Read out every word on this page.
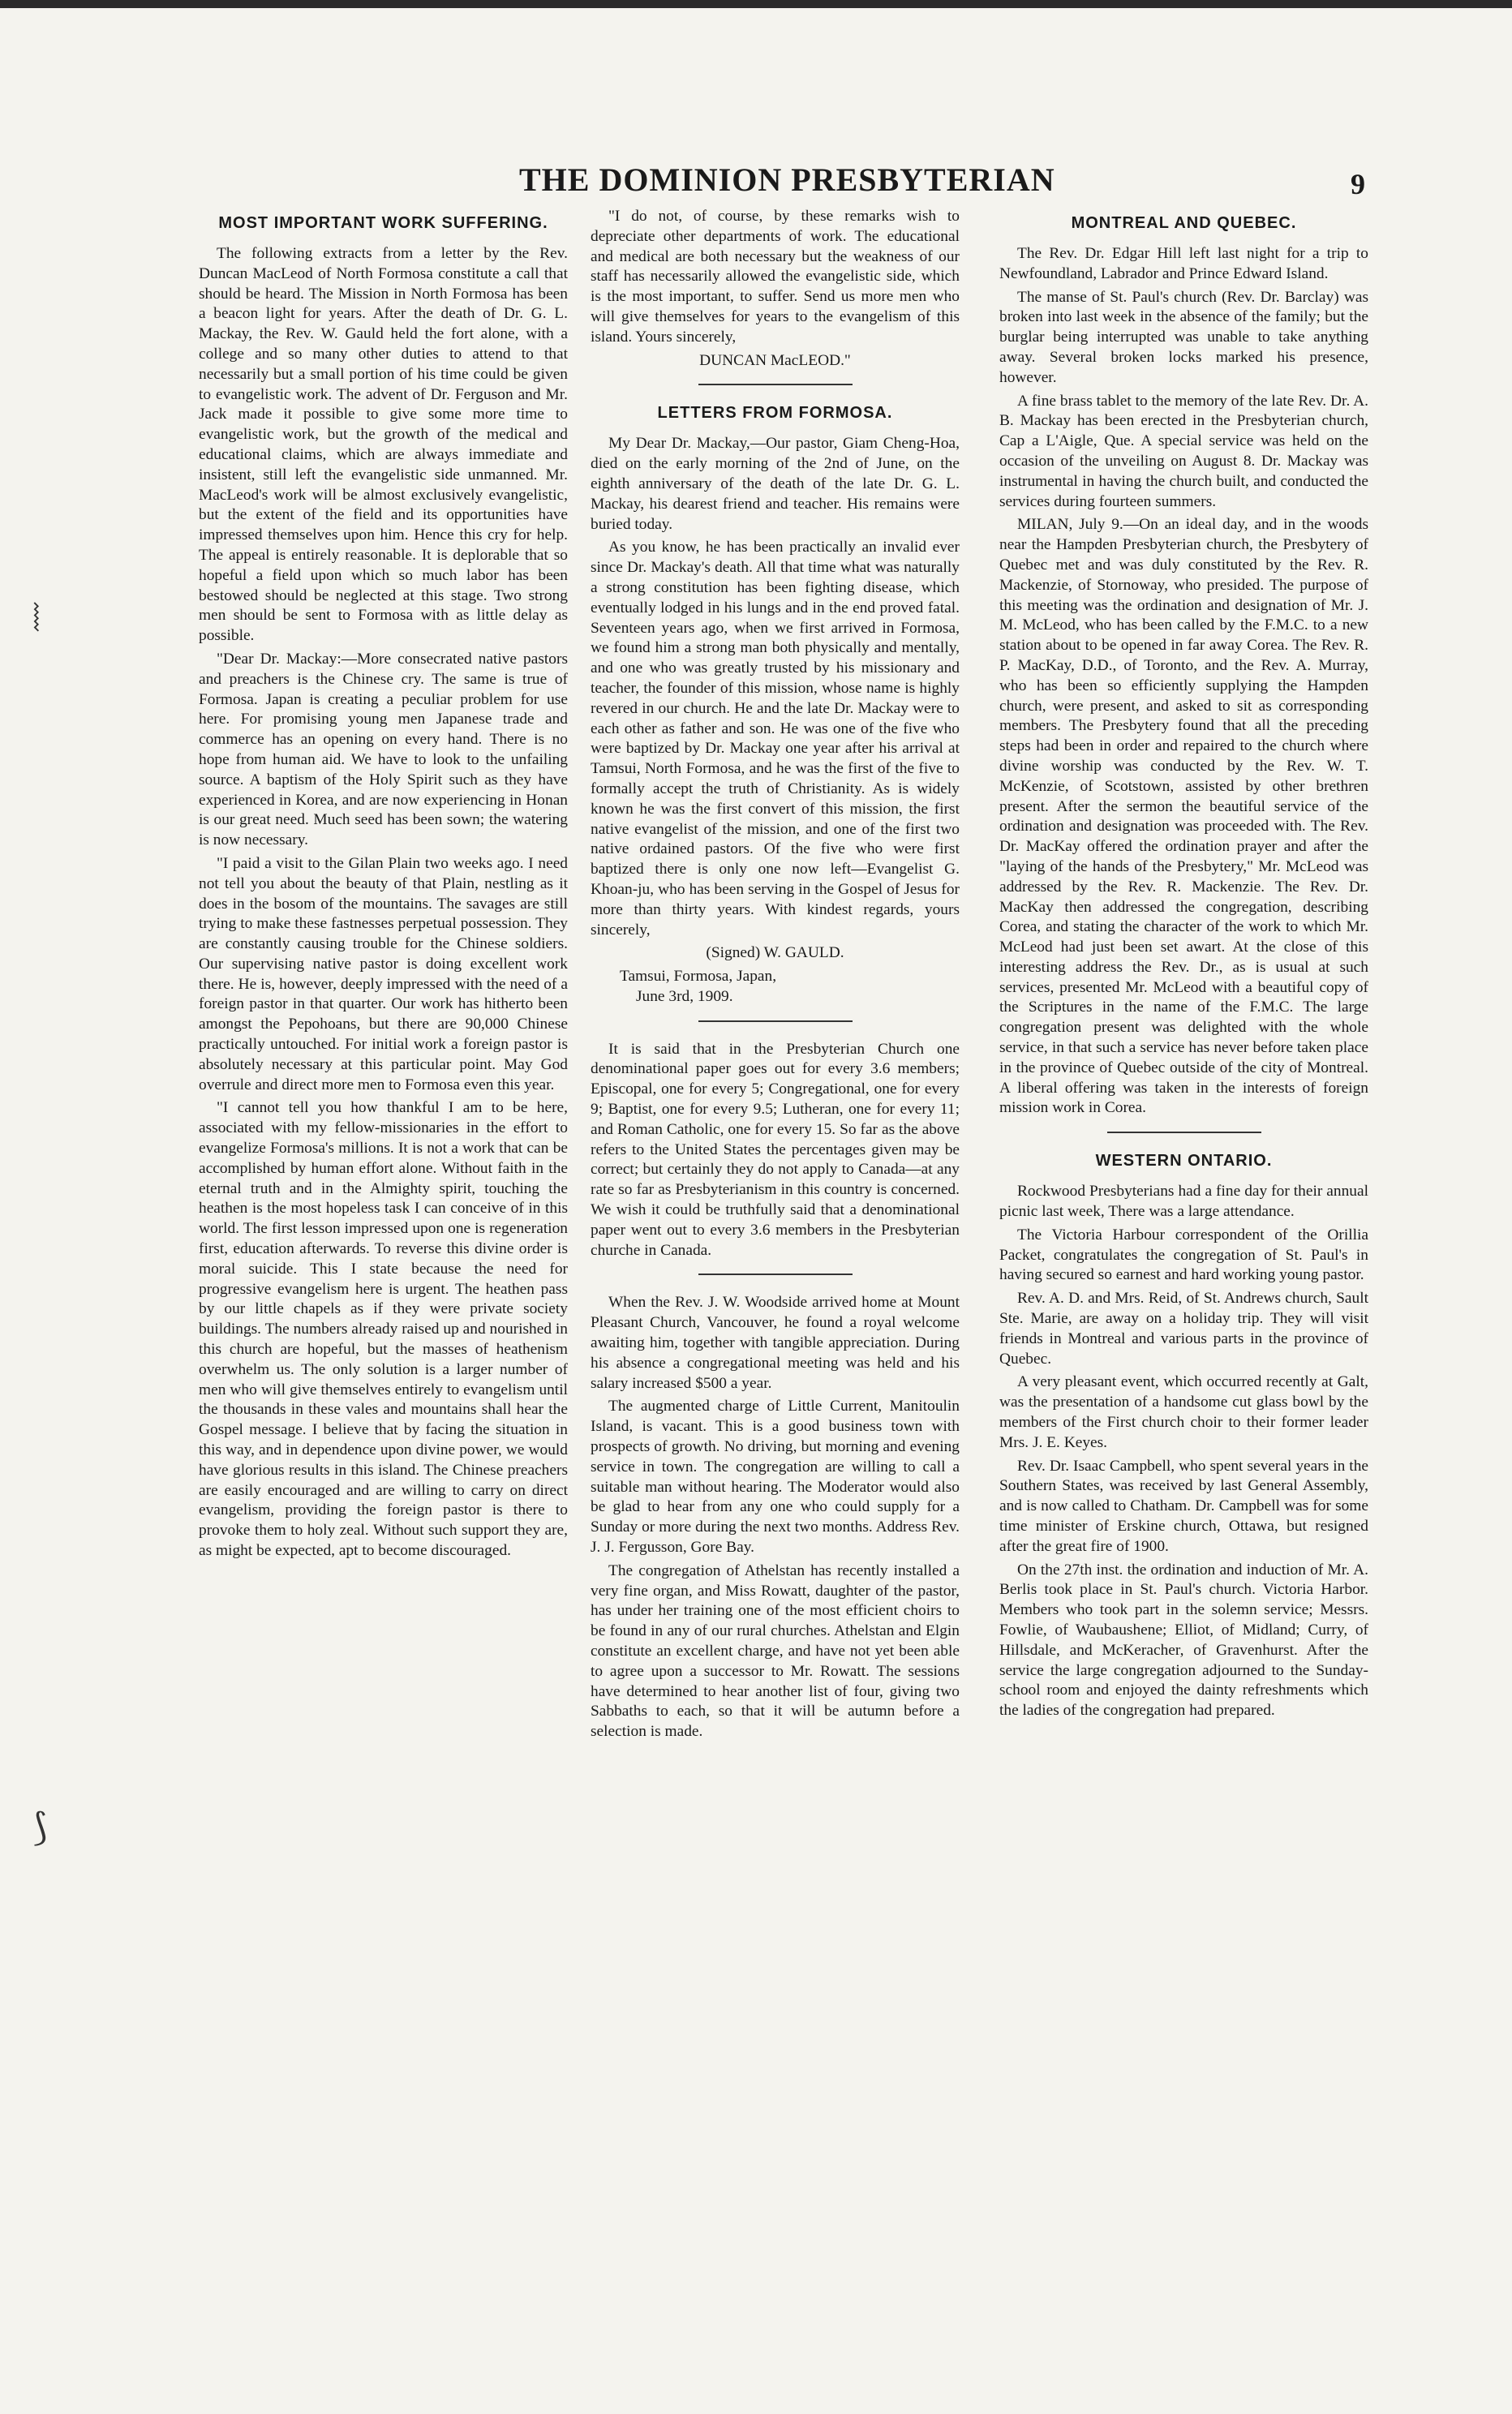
⦚
⟆
THE DOMINION PRESBYTERIAN	9
MOST IMPORTANT WORK SUFFERING.

The following extracts from a letter by the Rev. Duncan MacLeod of North Formosa constitute a call that should be heard. The Mission in North Formosa has been a beacon light for years. After the death of Dr. G. L. Mackay, the Rev. W. Gauld held the fort alone, with a college and so many other duties to attend to that necessarily but a small portion of his time could be given to evangelistic work. The advent of Dr. Ferguson and Mr. Jack made it possible to give some more time to evangelistic work, but the growth of the medical and educational claims, which are always immediate and insistent, still left the evangelistic side unmanned. Mr. MacLeod's work will be almost exclusively evangelistic, but the extent of the field and its opportunities have impressed themselves upon him. Hence this cry for help. The appeal is entirely reasonable. It is deplorable that so hopeful a field upon which so much labor has been bestowed should be neglected at this stage. Two strong men should be sent to Formosa with as little delay as possible.

"Dear Dr. Mackay:—More consecrated native pastors and preachers is the Chinese cry. The same is true of Formosa. Japan is creating a peculiar problem for use here. For promising young men Japanese trade and commerce has an opening on every hand. There is no hope from human aid. We have to look to the unfailing source. A baptism of the Holy Spirit such as they have experienced in Korea, and are now experiencing in Honan is our great need. Much seed has been sown; the watering is now necessary.

"I paid a visit to the Gilan Plain two weeks ago. I need not tell you about the beauty of that Plain, nestling as it does in the bosom of the mountains. The savages are still trying to make these fastnesses perpetual possession. They are constantly causing trouble for the Chinese soldiers. Our supervising native pastor is doing excellent work there. He is, however, deeply impressed with the need of a foreign pastor in that quarter. Our work has hitherto been amongst the Pepohoans, but there are 90,000 Chinese practically untouched. For initial work a foreign pastor is absolutely necessary at this particular point. May God overrule and direct more men to Formosa even this year.

"I cannot tell you how thankful I am to be here, associated with my fellow-missionaries in the effort to evangelize Formosa's millions. It is not a work that can be accomplished by human effort alone. Without faith in the eternal truth and in the Almighty spirit, touching the heathen is the most hopeless task I can conceive of in this world. The first lesson impressed upon one is regeneration first, education afterwards. To reverse this divine order is moral suicide. This I state because the need for progressive evangelism here is urgent. The heathen pass by our little chapels as if they were private society buildings. The numbers already raised up and nourished in this church are hopeful, but the masses of heathenism overwhelm us. The only solution is a larger number of men who will give themselves entirely to evangelism until the thousands in these vales and mountains shall hear the Gospel message. I believe that by facing the situation in this way, and in dependence upon divine power, we would have glorious results in this island. The Chinese preachers are easily encouraged and are willing to carry on direct evangelism, providing the foreign pastor is there to provoke them to holy zeal. Without such support they are, as might be expected, apt to become discouraged.

"I do not, of course, by these remarks wish to depreciate other departments of work. The educational and medical are both necessary but the weakness of our staff has necessarily allowed the evangelistic side, which is the most important, to suffer. Send us more men who will give themselves for years to the evangelism of this island. Yours sincerely,

DUNCAN MacLEOD."
LETTERS FROM FORMOSA.

My Dear Dr. Mackay,—Our pastor, Giam Cheng-Hoa, died on the early morning of the 2nd of June, on the eighth anniversary of the death of the late Dr. G. L. Mackay, his dearest friend and teacher. His remains were buried today.

As you know, he has been practically an invalid ever since Dr. Mackay's death. All that time what was naturally a strong constitution has been fighting disease, which eventually lodged in his lungs and in the end proved fatal. Seventeen years ago, when we first arrived in Formosa, we found him a strong man both physically and mentally, and one who was greatly trusted by his missionary and teacher, the founder of this mission, whose name is highly revered in our church. He and the late Dr. Mackay were to each other as father and son. He was one of the five who were baptized by Dr. Mackay one year after his arrival at Tamsui, North Formosa, and he was the first of the five to formally accept the truth of Christianity. As is widely known he was the first convert of this mission, the first native evangelist of the mission, and one of the first two native ordained pastors. Of the five who were first baptized there is only one now left—Evangelist G. Khoan-ju, who has been serving in the Gospel of Jesus for more than thirty years. With kindest regards, yours sincerely,

(Signed) W. GAULD.

Tamsui, Formosa, Japan,

June 3rd, 1909.

It is said that in the Presbyterian Church one denominational paper goes out for every 3.6 members; Episcopal, one for every 5; Congregational, one for every 9; Baptist, one for every 9.5; Lutheran, one for every 11; and Roman Catholic, one for every 15. So far as the above refers to the United States the percentages given may be correct; but certainly they do not apply to Canada—at any rate so far as Presbyterianism in this country is concerned. We wish it could be truthfully said that a denominational paper went out to every 3.6 members in the Presbyterian churche in Canada.

When the Rev. J. W. Woodside arrived home at Mount Pleasant Church, Vancouver, he found a royal welcome awaiting him, together with tangible appreciation. During his absence a congregational meeting was held and his salary increased $500 a year.

The augmented charge of Little Current, Manitoulin Island, is vacant. This is a good business town with prospects of growth. No driving, but morning and evening service in town. The congregation are willing to call a suitable man without hearing. The Moderator would also be glad to hear from any one who could supply for a Sunday or more during the next two months. Address Rev. J. J. Fergusson, Gore Bay.

The congregation of Athelstan has recently installed a very fine organ, and Miss Rowatt, daughter of the pastor, has under her training one of the most efficient choirs to be found in any of our rural churches. Athelstan and Elgin constitute an excellent charge, and have not yet been able to agree upon a successor to Mr. Rowatt. The sessions have determined to hear another list of four, giving two Sabbaths to each, so that it will be autumn before a selection is made.

MONTREAL AND QUEBEC.

The Rev. Dr. Edgar Hill left last night for a trip to Newfoundland, Labrador and Prince Edward Island.

The manse of St. Paul's church (Rev. Dr. Barclay) was broken into last week in the absence of the family; but the burglar being interrupted was unable to take anything away. Several broken locks marked his presence, however.

A fine brass tablet to the memory of the late Rev. Dr. A. B. Mackay has been erected in the Presbyterian church, Cap a L'Aigle, Que. A special service was held on the occasion of the unveiling on August 8. Dr. Mackay was instrumental in having the church built, and conducted the services during fourteen summers.

MILAN, July 9.—On an ideal day, and in the woods near the Hampden Presbyterian church, the Presbytery of Quebec met and was duly constituted by the Rev. R. Mackenzie, of Stornoway, who presided. The purpose of this meeting was the ordination and designation of Mr. J. M. McLeod, who has been called by the F.M.C. to a new station about to be opened in far away Corea. The Rev. R. P. MacKay, D.D., of Toronto, and the Rev. A. Murray, who has been so efficiently supplying the Hampden church, were present, and asked to sit as corresponding members. The Presbytery found that all the preceding steps had been in order and repaired to the church where divine worship was conducted by the Rev. W. T. McKenzie, of Scotstown, assisted by other brethren present. After the sermon the beautiful service of the ordination and designation was proceeded with. The Rev. Dr. MacKay offered the ordination prayer and after the "laying of the hands of the Presbytery," Mr. McLeod was addressed by the Rev. R. Mackenzie. The Rev. Dr. MacKay then addressed the congregation, describing Corea, and stating the character of the work to which Mr. McLeod had just been set awart. At the close of this interesting address the Rev. Dr., as is usual at such services, presented Mr. McLeod with a beautiful copy of the Scriptures in the name of the F.M.C. The large congregation present was delighted with the whole service, in that such a service has never before taken place in the province of Quebec outside of the city of Montreal. A liberal offering was taken in the interests of foreign mission work in Corea.

WESTERN ONTARIO.

Rockwood Presbyterians had a fine day for their annual picnic last week, There was a large attendance.

The Victoria Harbour correspondent of the Orillia Packet, congratulates the congregation of St. Paul's in having secured so earnest and hard working young pastor.

Rev. A. D. and Mrs. Reid, of St. Andrews church, Sault Ste. Marie, are away on a holiday trip. They will visit friends in Montreal and various parts in the province of Quebec.

A very pleasant event, which occurred recently at Galt, was the presentation of a handsome cut glass bowl by the members of the First church choir to their former leader Mrs. J. E. Keyes.

Rev. Dr. Isaac Campbell, who spent several years in the Southern States, was received by last General Assembly, and is now called to Chatham. Dr. Campbell was for some time minister of Erskine church, Ottawa, but resigned after the great fire of 1900.

On the 27th inst. the ordination and induction of Mr. A. Berlis took place in St. Paul's church. Victoria Harbor. Members who took part in the solemn service; Messrs. Fowlie, of Waubaushene; Elliot, of Midland; Curry, of Hillsdale, and McKeracher, of Gravenhurst. After the service the large congregation adjourned to the Sunday-school room and enjoyed the dainty refreshments which the ladies of the congregation had prepared.
